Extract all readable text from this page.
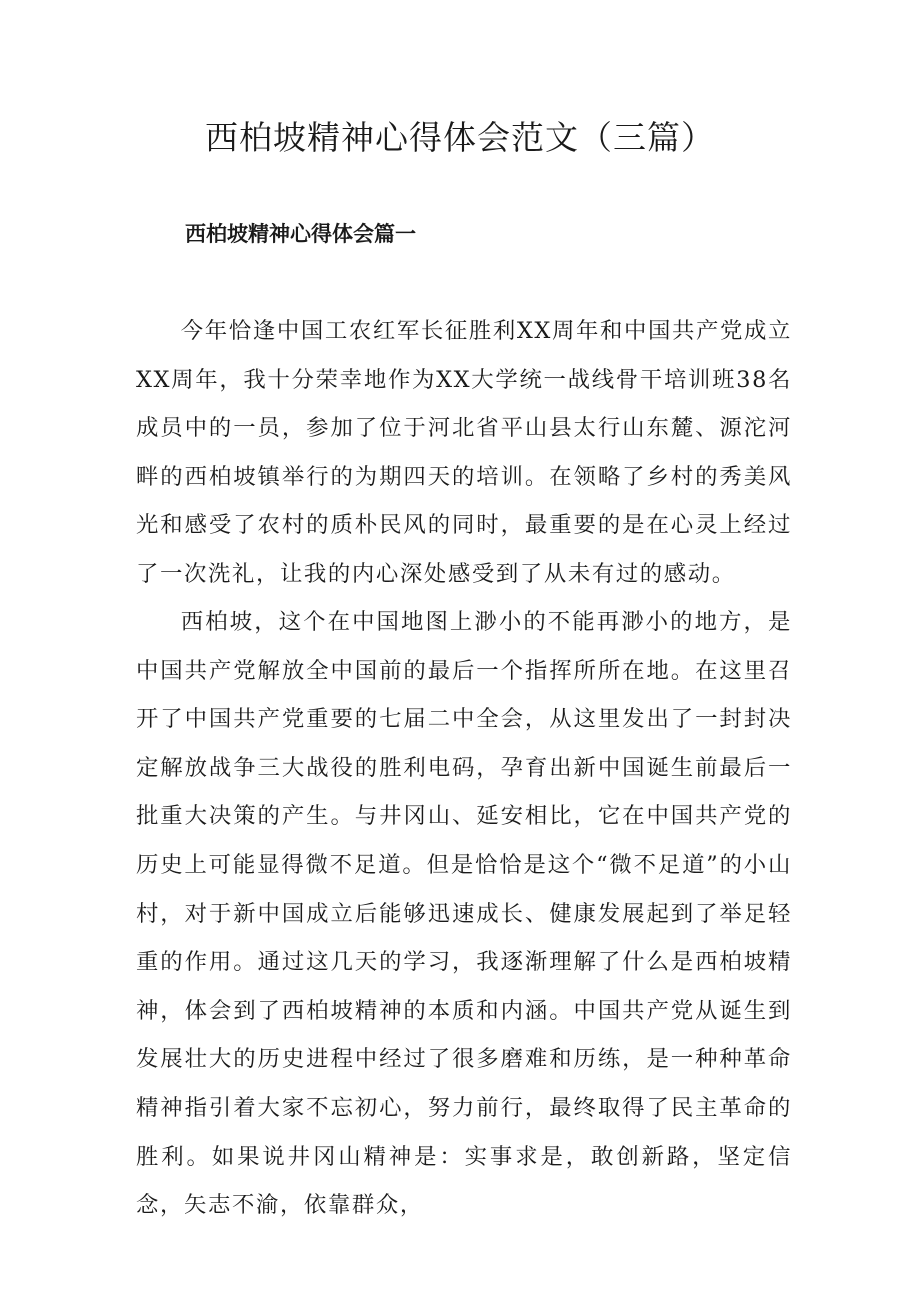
西柏坡精神心得体会范文（三篇）
西柏坡精神心得体会篇一

今年恰逢中国工农红军长征胜利XX周年和中国共产党成立XX周年，我十分荣幸地作为XX大学统一战线骨干培训班38名成员中的一员，参加了位于河北省平山县太行山东麓、源沱河畔的西柏坡镇举行的为期四天的培训。在领略了乡村的秀美风光和感受了农村的质朴民风的同时，最重要的是在心灵上经过了一次洗礼，让我的内心深处感受到了从未有过的感动。

西柏坡，这个在中国地图上渺小的不能再渺小的地方，是中国共产党解放全中国前的最后一个指挥所所在地。在这里召开了中国共产党重要的七届二中全会，从这里发出了一封封决定解放战争三大战役的胜利电码，孕育出新中国诞生前最后一批重大决策的产生。与井冈山、延安相比，它在中国共产党的历史上可能显得微不足道。但是恰恰是这个“微不足道”的小山村，对于新中国成立后能够迅速成长、健康发展起到了举足轻重的作用。通过这几天的学习，我逐渐理解了什么是西柏坡精神，体会到了西柏坡精神的本质和内涵。中国共产党从诞生到发展壮大的历史进程中经过了很多磨难和历练，是一种种革命精神指引着大家不忘初心，努力前行，最终取得了民主革命的胜利。如果说井冈山精神是：实事求是，敢创新路，坚定信念，矢志不渝，依靠群众，
